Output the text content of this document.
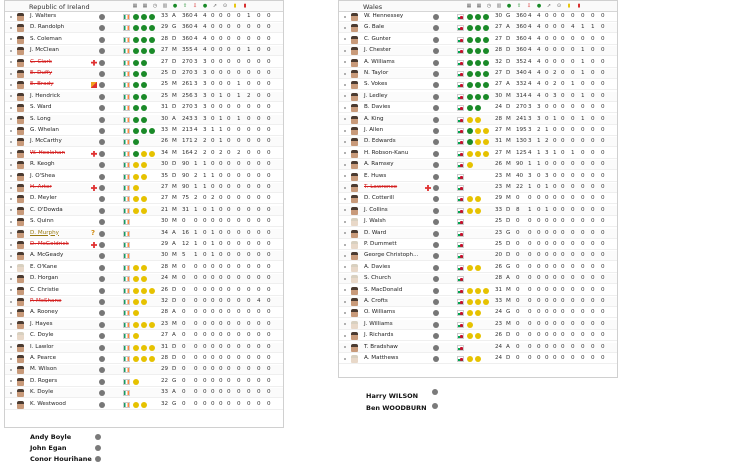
Republic of Ireland	▦	▦	◷	▥	●	⇧	⇩	●	➚	⊙	▮	▮
J. Walters	33 A 360 4 4 0 0 0 0 1 0 0
D. Randolph	29 G 360 4 4 0 0 0 0 0 0 0
S. Coleman	28 D 360 4 4 0 0 0 0 0 0 0
J. McClean	27 M 355 4 4 0 0 0 0 1 0 0
C. Clark	27 D 270 3 3 0 0 0 0 0 0 0
E. Duffy	25 D 270 3 3 0 0 0 0 0 0 0
E. Brady	25 M 261 3 3 0 0 0 1 0 0 0
J. Hendrick	25 M 256 3 3 0 1 0 1 2 0 0
S. Ward	31 D 270 3 3 0 0 0 0 0 0 0
S. Long	30 A 243 3 3 0 1 0 1 0 0 0
G. Whelan	33 M 213 4 3 1 1 0 0 0 0 0
J. McCarthy	26 M 171 2 2 0 1 0 0 0 0 0
W. Hoolahan	34 M 164 2 2 0 2 0 2 0 0 0
R. Keogh	30 D 90 1 1 0 0 0 0 0 0 0
J. O'Shea	35 D 90 2 1 1 0 0 0 0 0 0
H. Arter	27 M 90 1 1 0 0 0 0 0 0 0
D. Meyler	27 M 75 2 0 2 0 0 0 0 0 0
C. O'Dowda	21 M 31 1 0 1 0 0 0 0 0 0
S. Quinn	30 M 0 0 0 0 0 0 0 0 0 0
D. Murphy	?	34 A 16 1 0 1 0 0 0 0 0 0
D. McGoldrick	29 A 12 1 0 1 0 0 0 0 0 0
A. McGeady	30 M 5 1 0 1 0 0 0 0 0 0
E. O'Kane	28 M 0 0 0 0 0 0 0 0 0 0
D. Horgan	24 M 0 0 0 0 0 0 0 0 0 0
C. Christie	26 D 0 0 0 0 0 0 0 0 0 0
P. McShane	32 D 0 0 0 0 0 0 0 0 4 0
A. Rooney	28 A 0 0 0 0 0 0 0 0 0 0
J. Hayes	23 M 0 0 0 0 0 0 0 0 0 0
C. Doyle	27 A 0 0 0 0 0 0 0 0 0 0
I. Lawlor	31 D 0 0 0 0 0 0 0 0 0 0
A. Pearce	28 D 0 0 0 0 0 0 0 0 0 0
M. Wilson	29 D 0 0 0 0 0 0 0 0 0 0
D. Rogers	22 G 0 0 0 0 0 0 0 0 0 0
K. Doyle	33 A 0 0 0 0 0 0 0 0 0 0
K. Westwood	32 G 0 0 0 0 0 0 0 0 0 0
Wales	▦	▦	◷	▥	●	⇧	⇩	●	➚	⊙	▮	▮
W. Hennessey	30 G 360 4 4 0 0 0 0 0 0 0
G. Bale	27 A 360 4 4 0 0 0 4 1 1 0
C. Gunter	27 D 360 4 4 0 0 0 0 0 0 0
J. Chester	28 D 360 4 4 0 0 0 0 1 0 0
A. Williams	32 D 352 4 4 0 0 0 0 1 0 0
N. Taylor	27 D 340 4 4 0 2 0 0 1 0 0
S. Vokes	27 A 332 4 4 0 2 0 1 0 0 0
J. Ledley	30 M 314 4 4 0 3 0 0 1 0 0
B. Davies	24 D 270 3 3 0 0 0 0 0 0 0
A. King	28 M 241 3 3 0 1 0 0 1 0 0
J. Allen	27 M 195 3 2 1 0 0 0 0 0 0
D. Edwards	31 M 130 3 1 2 0 0 0 0 0 0
H. Robson-Kanu	27 M 125 4 1 3 1 0 1 0 0 0
A. Ramsey	26 M 90 1 1 0 0 0 0 0 0 0
E. Huws	23 M 40 3 0 3 0 0 0 0 0 0
T. Lawrence	23 M 22 1 0 1 0 0 0 0 0 0
D. Cotterill	29 M 0 0 0 0 0 0 0 0 0 0
J. Collins	33 D 8 1 0 1 0 0 0 0 0 0
J. Walsh	25 D 0 0 0 0 0 0 0 0 0 0
D. Ward	23 G 0 0 0 0 0 0 0 0 0 0
P. Dummett	25 D 0 0 0 0 0 0 0 0 0 0
George Christoph...	20 D 0 0 0 0 0 0 0 0 0 0
A. Davies	26 G 0 0 0 0 0 0 0 0 0 0
S. Church	28 A 0 0 0 0 0 0 0 0 0 0
S. MacDonald	31 M 0 0 0 0 0 0 0 0 0 0
A. Crofts	33 M 0 0 0 0 0 0 0 0 0 0
O. Williams	24 G 0 0 0 0 0 0 0 0 0 0
J. Williams	23 M 0 0 0 0 0 0 0 0 0 0
J. Richards	26 D 0 0 0 0 0 0 0 0 0 0
T. Bradshaw	24 A 0 0 0 0 0 0 0 0 0 0
A. Matthews	24 D 0 0 0 0 0 0 0 0 0 0
Andy Boyle
John Egan
Conor Hourihane
Harry WILSON
Ben WOODBURN
